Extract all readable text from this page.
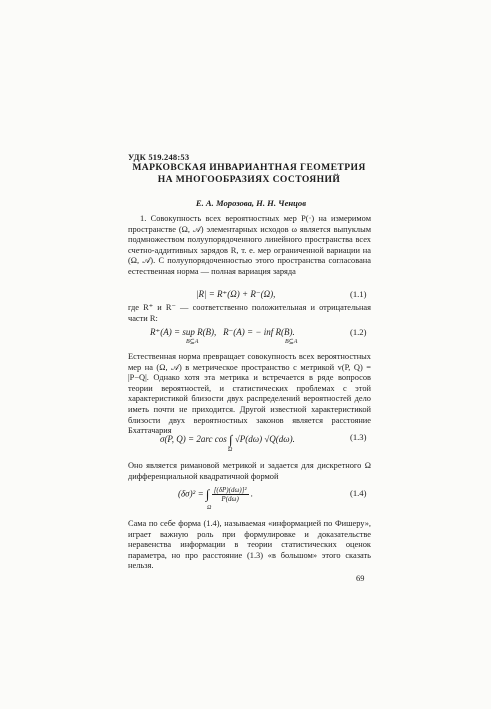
УДК 519.248:53
МАРКОВСКАЯ ИНВАРИАНТНАЯ ГЕОМЕТРИЯ
НА МНОГООБРАЗИЯХ СОСТОЯНИЙ
Е. А. Морозова, Н. Н. Ченцов
1. Совокупность всех вероятностных мер P(·) на измеримом пространстве (Ω, 𝒜) элементарных исходов ω является выпуклым подмножеством полуупорядоченного линейного пространства всех счетно-аддитивных зарядов R, т. е. мер ограниченной вариации на (Ω, 𝒜). С полуупорядоченностью этого пространства согласована естественная норма — полная вариация заряда
|R| = R⁺(Ω) + R⁻(Ω),	(1.1)
где R⁺ и R⁻ — соответственно положительная и отрицательная части R:
R⁺(A) = sup R(B), R⁻(A) = − inf R(B).
B⊆A	B⊆A
(1.2)
Естественная норма превращает совокупность всех вероятностных мер на (Ω, 𝒜) в метрическое пространство с метрикой v(P, Q) = |P−Q|. Однако хотя эта метрика и встречается в ряде вопросов теории вероятностей, и статистических проблемах с этой характеристикой близости двух распределений вероятностей дело иметь почти не приходится. Другой известной характеристикой близости двух вероятностных законов является расстояние Бхаттачария
σ(P, Q) = 2arc cos ∫ √P(dω) √Q(dω).
Ω
(1.3)
Оно является римановой метрикой и задается для дискретного Ω дифференциальной квадратичной формой
(δσ)² = ∫ $\frac{\text{[(δP)(dω)]²}}{P(d\omega)}$ .
Ω
(1.4)
Сама по себе форма (1.4), называемая «информацией по Фишеру», играет важную роль при формулировке и доказательстве неравенства информации в теории статистических оценок параметра, но про расстояние (1.3) «в большом» этого сказать нельзя.
69
